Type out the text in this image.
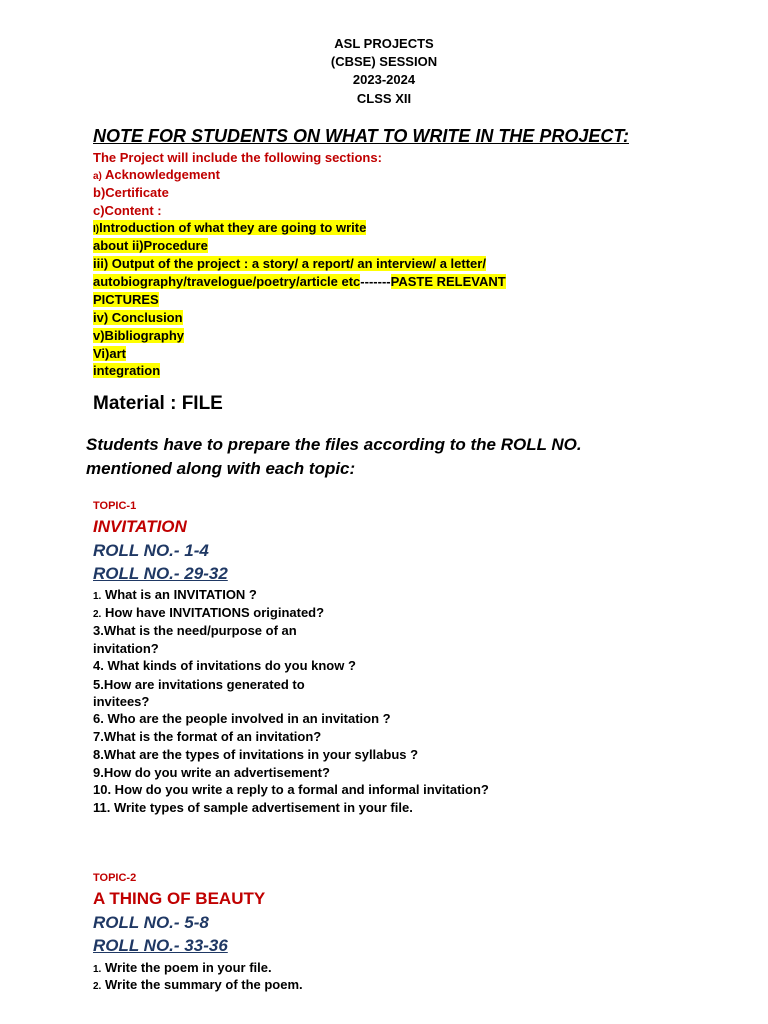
ASL PROJECTS
(CBSE) SESSION
2023-2024
CLSS XII
NOTE FOR STUDENTS ON WHAT TO WRITE IN THE PROJECT:
The Project will include the following sections:
a) Acknowledgement
b)Certificate
c)Content :
I)Introduction of what they are going to write
about ii)Procedure
iii) Output of the project : a story/ a report/ an interview/ a letter/
autobiography/travelogue/poetry/article etc-------PASTE RELEVANT
PICTURES
iv) Conclusion
v)Bibliography
Vi)art
integration
Material : FILE
Students have to prepare the files according to the ROLL NO.
mentioned along with each topic:
TOPIC-1
INVITATION
ROLL NO.- 1-4
ROLL NO.- 29-32
1. What is an INVITATION ?
2. How have INVITATIONS originated?
3.What is the need/purpose of an
invitation?
4. What kinds of invitations do you know ?
5.How are invitations generated to
invitees?
6. Who are the people involved in an invitation ?
7.What is the format of an invitation?
8.What are the types of invitations in your syllabus ?
9.How do you write an advertisement?
10. How do you write a reply to a formal and informal invitation?
11. Write types of sample advertisement in your file.
TOPIC-2
A THING OF BEAUTY
ROLL NO.- 5-8
ROLL NO.- 33-36
1. Write the poem in your file.
2. Write the summary of the poem.
